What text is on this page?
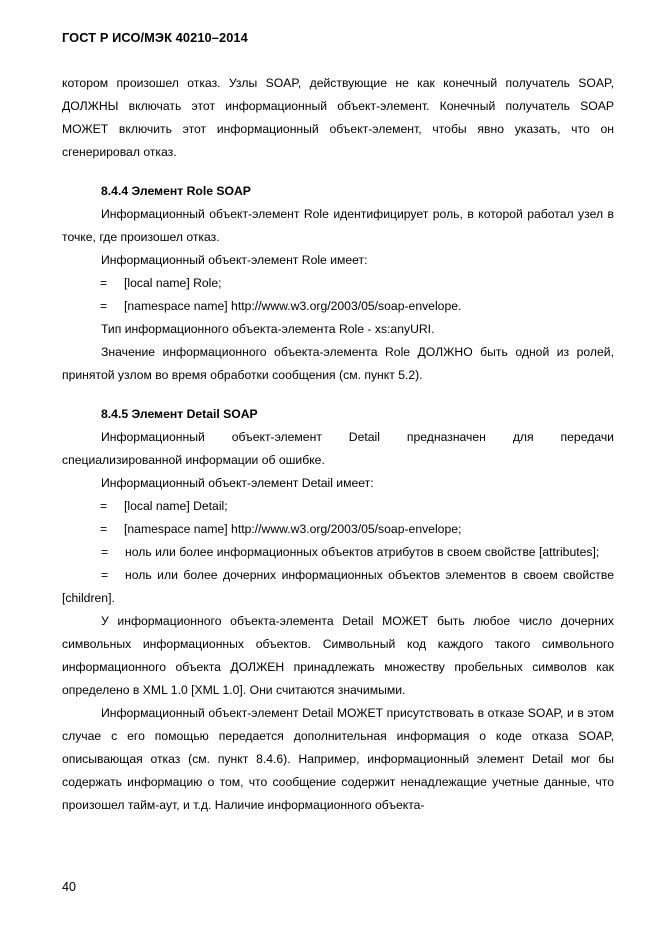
ГОСТ Р ИСО/МЭК 40210–2014

котором произошел отказ. Узлы SOAP, действующие не как конечный получатель SOAP, ДОЛЖНЫ включать этот информационный объект-элемент. Конечный получатель SOAP МОЖЕТ включить этот информационный объект-элемент, чтобы явно указать, что он сгенерировал отказ.

8.4.4 Элемент Role SOAP

Информационный объект-элемент Role идентифицирует роль, в которой работал узел в точке, где произошел отказ.

Информационный объект-элемент Role имеет:

= [local name] Role;

= [namespace name] http://www.w3.org/2003/05/soap-envelope.

Тип информационного объекта-элемента Role - xs:anyURI.

Значение информационного объекта-элемента Role ДОЛЖНО быть одной из ролей, принятой узлом во время обработки сообщения (см. пункт 5.2).

8.4.5 Элемент Detail SOAP

Информационный объект-элемент Detail предназначен для передачи специализированной информации об ошибке.

Информационный объект-элемент Detail имеет:

= [local name] Detail;

= [namespace name] http://www.w3.org/2003/05/soap-envelope;

= ноль или более информационных объектов атрибутов в своем свойстве [attributes];

= ноль или более дочерних информационных объектов элементов в своем свойстве [children].

У информационного объекта-элемента Detail МОЖЕТ быть любое число дочерних символьных информационных объектов. Символьный код каждого такого символьного информационного объекта ДОЛЖЕН принадлежать множеству пробельных символов как определено в XML 1.0 [XML 1.0]. Они считаются значимыми.

Информационный объект-элемент Detail МОЖЕТ присутствовать в отказе SOAP, и в этом случае с его помощью передается дополнительная информация о коде отказа SOAP, описывающая отказ (см. пункт 8.4.6). Например, информационный элемент Detail мог бы содержать информацию о том, что сообщение содержит ненадлежащие учетные данные, что произошел тайм-аут, и т.д. Наличие информационного объекта-

40
